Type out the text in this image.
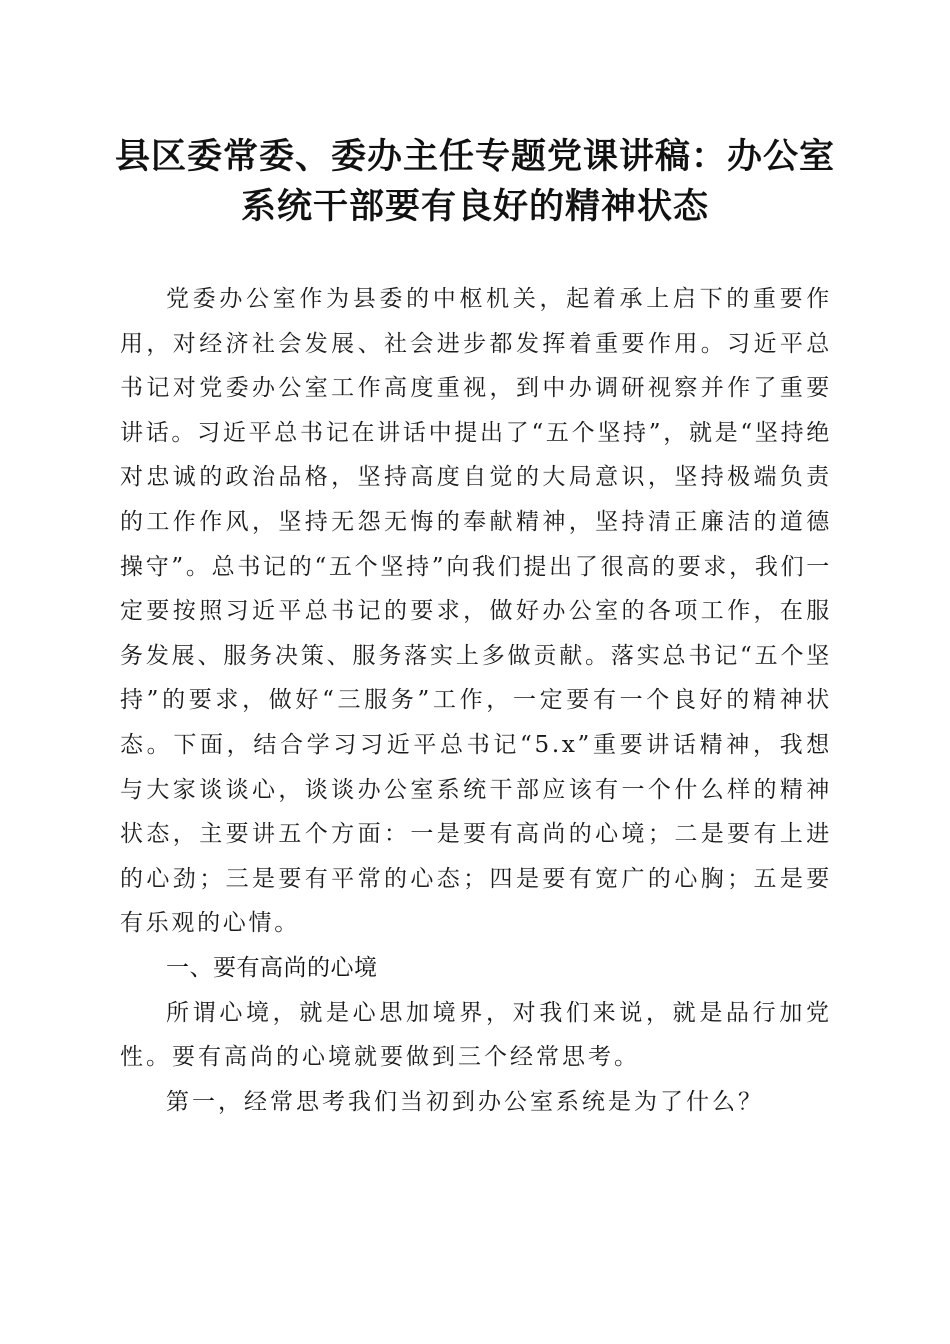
县区委常委、委办主任专题党课讲稿：办公室
系统干部要有良好的精神状态

党委办公室作为县委的中枢机关，起着承上启下的重要作用，对经济社会发展、社会进步都发挥着重要作用。习近平总书记对党委办公室工作高度重视，到中办调研视察并作了重要讲话。习近平总书记在讲话中提出了“五个坚持”，就是“坚持绝对忠诚的政治品格，坚持高度自觉的大局意识，坚持极端负责的工作作风，坚持无怨无悔的奉献精神，坚持清正廉洁的道德操守”。总书记的“五个坚持”向我们提出了很高的要求，我们一定要按照习近平总书记的要求，做好办公室的各项工作，在服务发展、服务决策、服务落实上多做贡献。落实总书记“五个坚持”的要求，做好“三服务”工作，一定要有一个良好的精神状态。下面，结合学习习近平总书记“5.x”重要讲话精神，我想与大家谈谈心，谈谈办公室系统干部应该有一个什么样的精神状态，主要讲五个方面：一是要有高尚的心境；二是要有上进的心劲；三是要有平常的心态；四是要有宽广的心胸；五是要有乐观的心情。

一、要有高尚的心境

所谓心境，就是心思加境界，对我们来说，就是品行加党性。要有高尚的心境就要做到三个经常思考。

第一，经常思考我们当初到办公室系统是为了什么？
